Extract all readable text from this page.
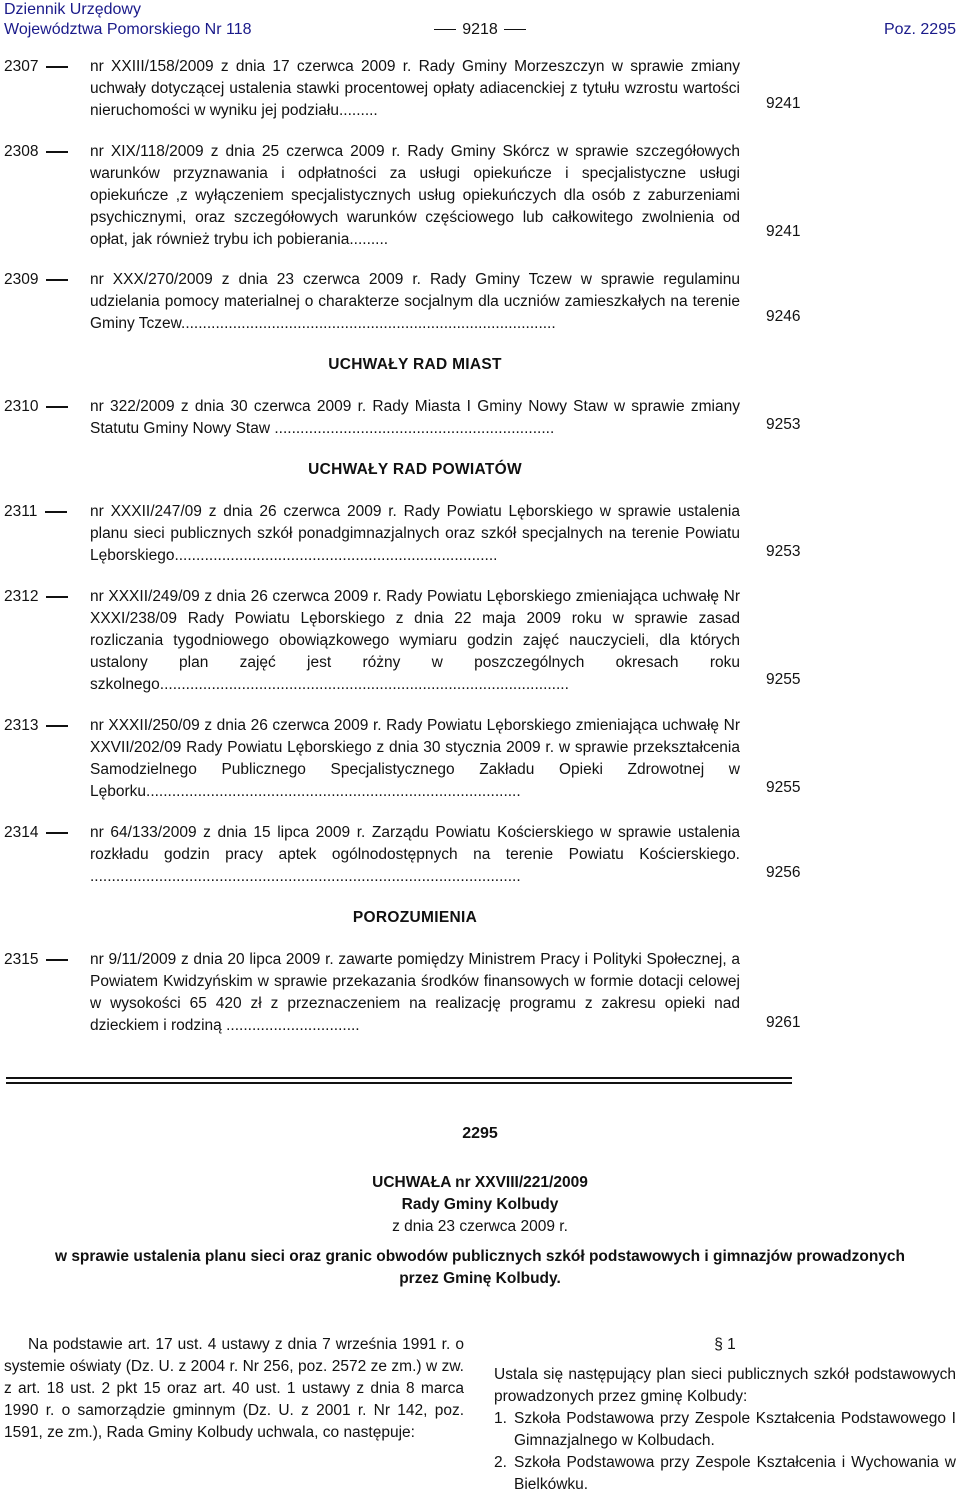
Dziennik Urzędowy
Województwa Pomorskiego Nr 118	9218	Poz. 2295
2307	nr XXIII/158/2009 z dnia 17 czerwca 2009 r. Rady Gminy Morzeszczyn w sprawie zmiany uchwały dotyczącej ustalenia stawki procentowej opłaty adiacenckiej z tytułu wzrostu wartości nieruchomości w wyniku jej podziału.........	9241
2308	nr XIX/118/2009 z dnia 25 czerwca 2009 r. Rady Gminy Skórcz w sprawie szczegółowych warunków przyznawania i odpłatności za usługi opiekuńcze i specjalistyczne usługi opiekuńcze ,z wyłączeniem specjalistycznych usług opiekuńczych dla osób z zaburzeniami psychicznymi, oraz szczegółowych warunków częściowego lub całkowitego zwolnienia od opłat, jak również trybu ich pobierania.........	9241
2309	nr XXX/270/2009 z dnia 23 czerwca 2009 r. Rady Gminy Tczew w sprawie regulaminu udzielania pomocy materialnej o charakterze socjalnym dla uczniów zamieszkałych na terenie Gminy Tczew.......................................................................................	9246
UCHWAŁY RAD MIAST
2310	nr 322/2009 z dnia 30 czerwca 2009 r. Rady Miasta I Gminy Nowy Staw w sprawie zmiany Statutu Gminy Nowy Staw .................................................................	9253
UCHWAŁY RAD POWIATÓW
2311	nr XXXII/247/09 z dnia 26 czerwca 2009 r. Rady Powiatu Lęborskiego w sprawie ustalenia planu sieci publicznych szkół ponadgimnazjalnych oraz szkół specjalnych na terenie Powiatu Lęborskiego...........................................................................	9253
2312	nr XXXII/249/09 z dnia 26 czerwca 2009 r. Rady Powiatu Lęborskiego zmieniająca uchwałę Nr XXXI/238/09 Rady Powiatu Lęborskiego z dnia 22 maja 2009 roku w sprawie zasad rozliczania tygodniowego obowiązkowego wymiaru godzin zajęć nauczycieli, dla których ustalony plan zajęć jest różny w poszczególnych okresach roku szkolnego...............................................................................................	9255
2313	nr XXXII/250/09 z dnia 26 czerwca 2009 r. Rady Powiatu Lęborskiego zmieniająca uchwałę Nr XXVII/202/09 Rady Powiatu Lęborskiego z dnia 30 stycznia 2009 r. w sprawie przekształcenia Samodzielnego Publicznego Specjalistycznego Zakładu Opieki Zdrowotnej w Lęborku.......................................................................................	9255
2314	nr 64/133/2009 z dnia 15 lipca 2009 r. Zarządu Powiatu Kościerskiego w sprawie ustalenia rozkładu godzin pracy aptek ogólnodostępnych na terenie Powiatu Kościerskiego. ....................................................................................................	9256
POROZUMIENIA
2315	nr 9/11/2009 z dnia 20 lipca 2009 r. zawarte pomiędzy Ministrem Pracy i Polityki Społecznej, a Powiatem Kwidzyńskim w sprawie przekazania środków finansowych w formie dotacji celowej w wysokości 65 420 zł z przeznaczeniem na realizację programu z zakresu opieki nad dzieckiem i rodziną ...............................	9261
2295
UCHWAŁA nr XXVIII/221/2009
Rady Gminy Kolbudy
z dnia 23 czerwca 2009 r.
w sprawie ustalenia planu sieci oraz granic obwodów publicznych szkół podstawowych i gimnazjów prowadzonych przez Gminę Kolbudy.
Na podstawie art. 17 ust. 4 ustawy z dnia 7 września 1991 r. o systemie oświaty (Dz. U. z 2004 r. Nr 256, poz. 2572 ze zm.) w zw. z art. 18 ust. 2 pkt 15 oraz art. 40 ust. 1 ustawy z dnia 8 marca 1990 r. o samorządzie gminnym (Dz. U. z 2001 r. Nr 142, poz. 1591, ze zm.), Rada Gminy Kolbudy uchwala, co następuje:
§ 1

Ustala się następujący plan sieci publicznych szkół podstawowych prowadzonych przez gminę Kolbudy:

1. Szkoła Podstawowa przy Zespole Kształcenia Podstawowego I Gimnazjalnego w Kolbudach.
2. Szkoła Podstawowa przy Zespole Kształcenia i Wychowania w Bielkówku.
